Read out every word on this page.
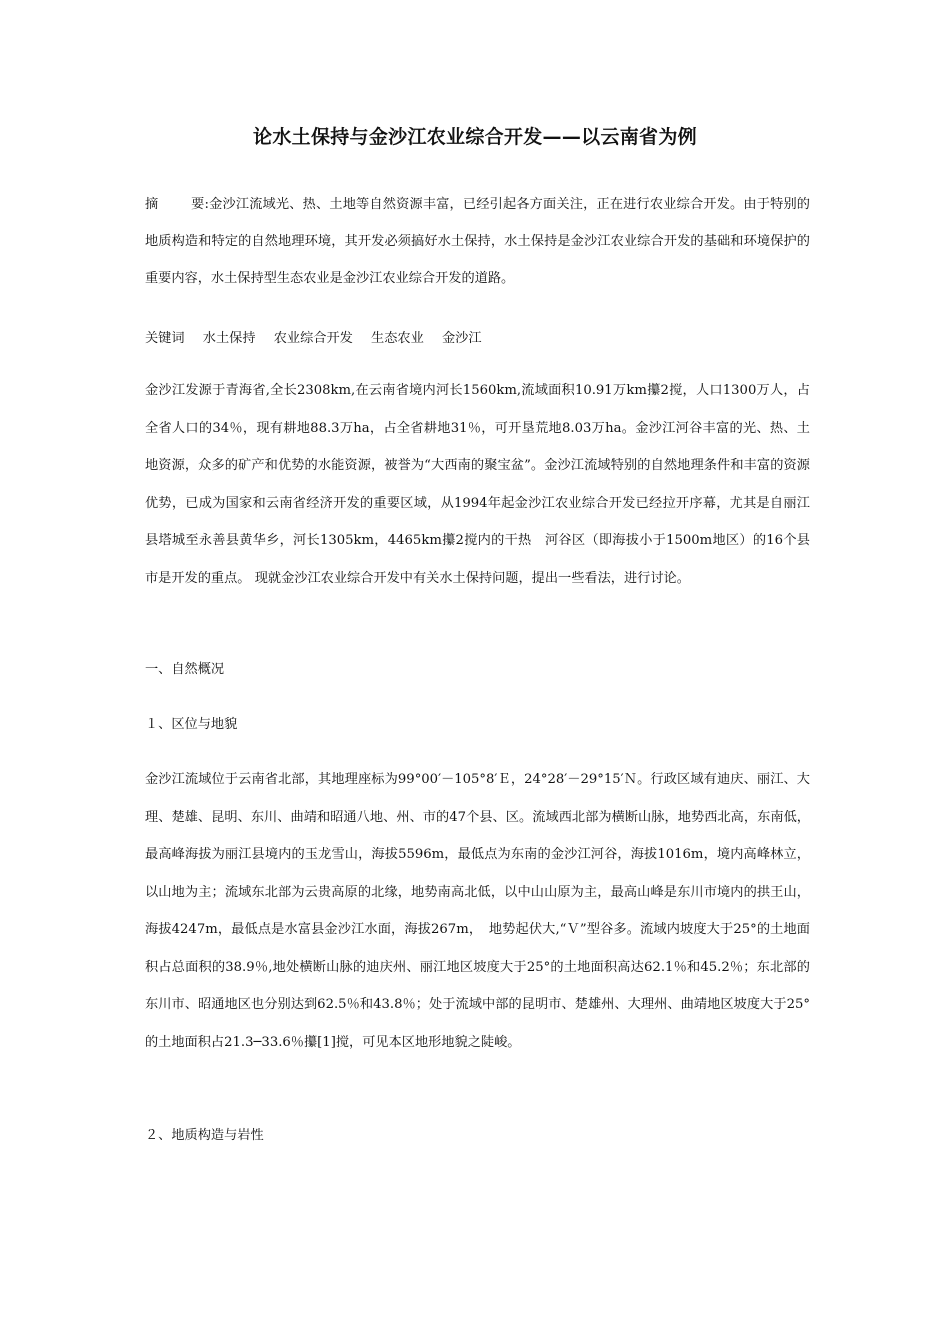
论水土保持与金沙江农业综合开发——以云南省为例
摘 要:金沙江流域光、热、土地等自然资源丰富，已经引起各方面关注，正在进行农业综合开发。由于特别的地质构造和特定的自然地理环境，其开发必须搞好水土保持，水土保持是金沙江农业综合开发的基础和环境保护的重要内容，水土保持型生态农业是金沙江农业综合开发的道路。
关键词 水土保持 农业综合开发 生态农业 金沙江
金沙江发源于青海省,全长2308km,在云南省境内河长1560km,流域面积10.91万km攥2搅，人口1300万人，占全省人口的34％，现有耕地88.3万ha，占全省耕地31％，可开垦荒地8.03万ha。金沙江河谷丰富的光、热、土地资源，众多的矿产和优势的水能资源，被誉为“大西南的聚宝盆”。金沙江流域特别的自然地理条件和丰富的资源优势，已成为国家和云南省经济开发的重要区域，从1994年起金沙江农业综合开发已经拉开序幕，尤其是自丽江县塔城至永善县黄华乡，河长1305km，4465km攥2搅内的干热　河谷区（即海拔小于1500m地区）的16个县市是开发的重点。 现就金沙江农业综合开发中有关水土保持问题，提出一些看法，进行讨论。
一、自然概况
１、区位与地貌
金沙江流域位于云南省北部，其地理座标为99°00′－105°8′Ｅ，24°28′－29°15′Ｎ。行政区域有迪庆、丽江、大理、楚雄、昆明、东川、曲靖和昭通八地、州、市的47个县、区。流域西北部为横断山脉，地势西北高，东南低，最高峰海拔为丽江县境内的玉龙雪山，海拔5596m，最低点为东南的金沙江河谷，海拔1016m，境内高峰林立，以山地为主；流域东北部为云贵高原的北缘，地势南高北低，以中山山原为主，最高山峰是东川市境内的拱王山，海拔4247m，最低点是水富县金沙江水面，海拔267m，　地势起伏大,“Ｖ”型谷多。流域内坡度大于25°的土地面积占总面积的38.9％,地处横断山脉的迪庆州、丽江地区坡度大于25°的土地面积高达62.1％和45.2％；东北部的东川市、昭通地区也分别达到62.5％和43.8％；处于流域中部的昆明市、楚雄州、大理州、曲靖地区坡度大于25°的土地面积占21.3─33.6％攥[1]搅，可见本区地形地貌之陡峻。
２、地质构造与岩性
